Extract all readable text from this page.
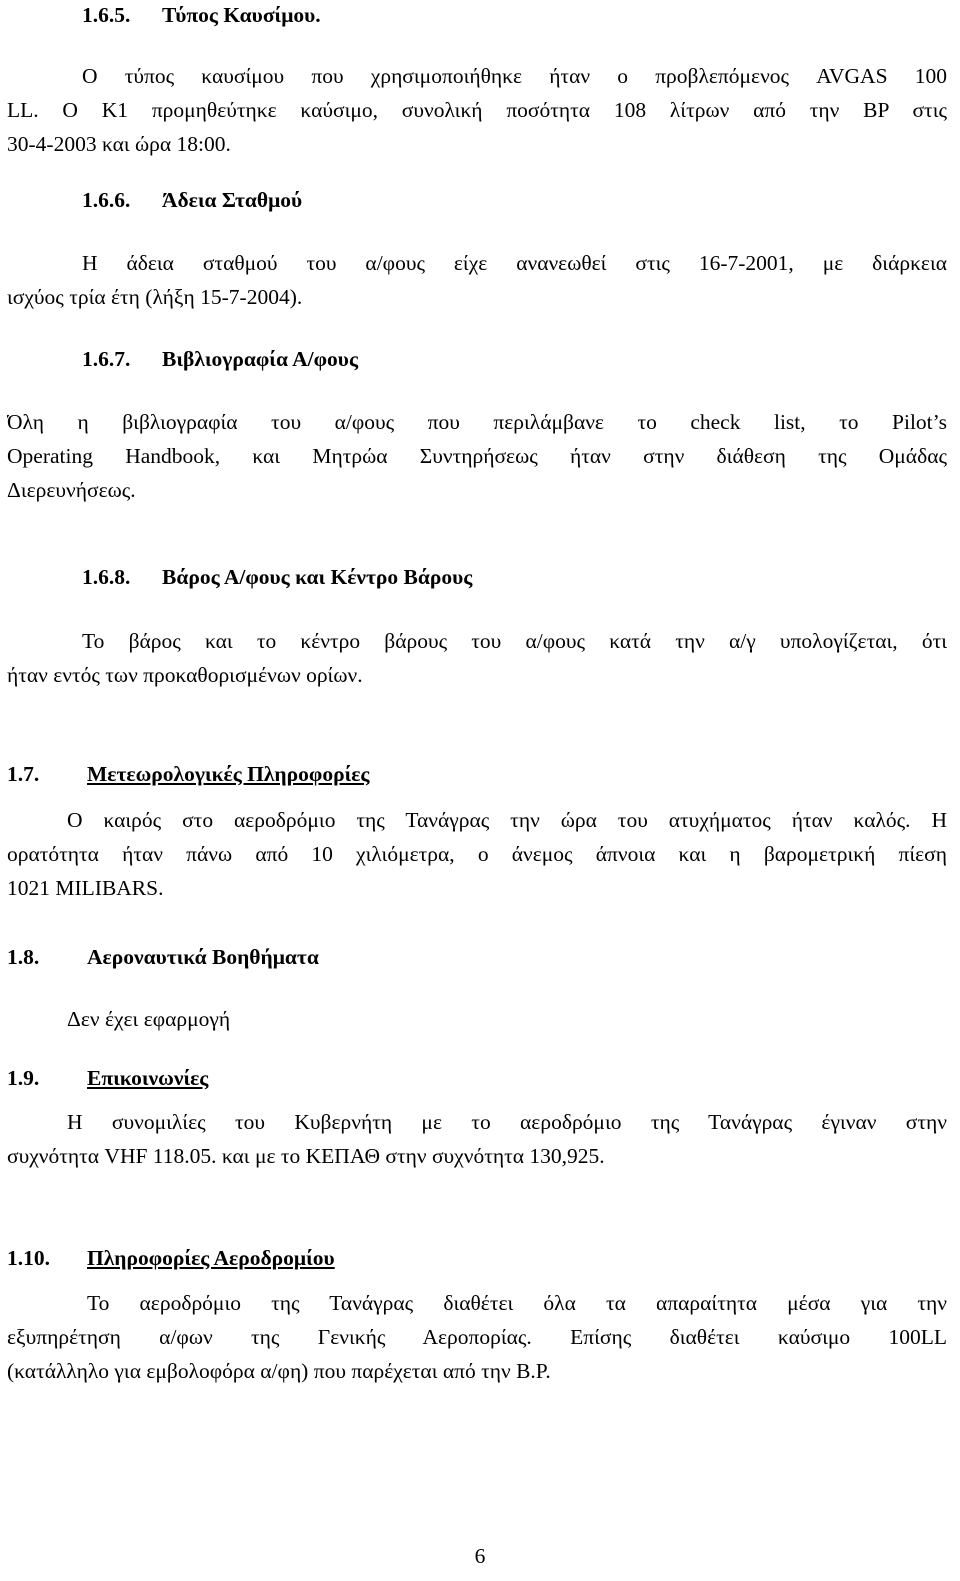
1.6.5. Τύπος Καυσίμου.
Ο τύπος καυσίμου που χρησιμοποιήθηκε ήταν ο προβλεπόμενος AVGAS 100
LL. Ο Κ1 προμηθεύτηκε καύσιμο, συνολική ποσότητα 108 λίτρων από την BP στις
30-4-2003 και ώρα 18:00.
1.6.6. Άδεια Σταθμού
Η άδεια σταθμού του α/φους είχε ανανεωθεί στις 16-7-2001, με διάρκεια
ισχύος τρία έτη (λήξη 15-7-2004).
1.6.7. Βιβλιογραφία Α/φους
Όλη η βιβλιογραφία του α/φους που περιλάμβανε το check list, το Pilot’s
Operating Handbook, και Μητρώα Συντηρήσεως ήταν στην διάθεση της Ομάδας
Διερευνήσεως.
1.6.8. Βάρος Α/φους και Κέντρο Βάρους
Το βάρος και το κέντρο βάρους του α/φους κατά την α/γ υπολογίζεται, ότι
ήταν εντός των προκαθορισμένων ορίων.
1.7. Μετεωρολογικές Πληροφορίες
Ο καιρός στο αεροδρόμιο της Τανάγρας την ώρα του ατυχήματος ήταν καλός. Η
ορατότητα ήταν πάνω από 10 χιλιόμετρα, ο άνεμος άπνοια και η βαρομετρική πίεση
1021 MILIBARS.
1.8. Αεροναυτικά Βοηθήματα
Δεν έχει εφαρμογή
1.9. Επικοινωνίες
Η συνομιλίες του Κυβερνήτη με το αεροδρόμιο της Τανάγρας έγιναν στην
συχνότητα VHF 118.05. και με το ΚΕΠΑΘ στην συχνότητα 130,925.
1.10. Πληροφορίες Αεροδρομίου
Το αεροδρόμιο της Τανάγρας διαθέτει όλα τα απαραίτητα μέσα για την
εξυπηρέτηση α/φων της Γενικής Αεροπορίας. Επίσης διαθέτει καύσιμο 100LL
(κατάλληλο για εμβολοφόρα α/φη) που παρέχεται από την Β.Ρ.
6
